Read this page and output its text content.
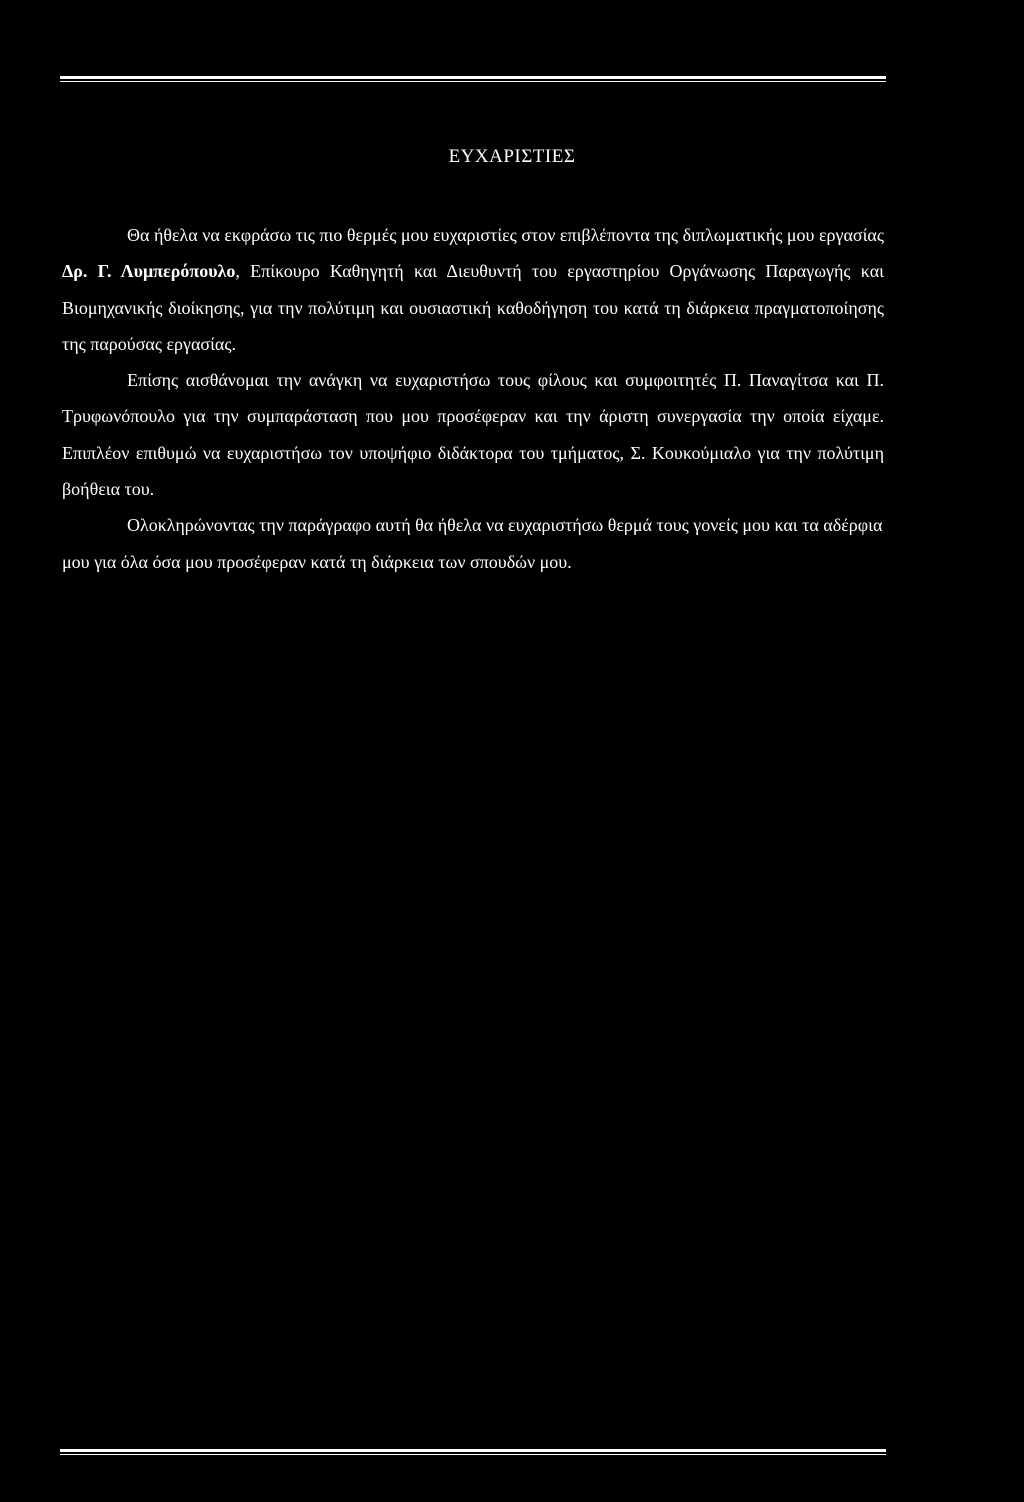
ΕΥΧΑΡΙΣΤΙΕΣ

Θα ήθελα να εκφράσω τις πιο θερμές μου ευχαριστίες στον επιβλέποντα της διπλωματικής μου εργασίας Δρ. Γ. Λυμπερόπουλο, Επίκουρο Καθηγητή και Διευθυντή του εργαστηρίου Οργάνωσης Παραγωγής και Βιομηχανικής διοίκησης, για την πολύτιμη και ουσιαστική καθοδήγηση του κατά τη διάρκεια πραγματοποίησης της παρούσας εργασίας.

Επίσης αισθάνομαι την ανάγκη να ευχαριστήσω τους φίλους και συμφοιτητές Π. Παναγίτσα και Π. Τρυφωνόπουλο για την συμπαράσταση που μου προσέφεραν και την άριστη συνεργασία την οποία είχαμε. Επιπλέον επιθυμώ να ευχαριστήσω τον υποψήφιο διδάκτορα του τμήματος, Σ. Κουκούμιαλο για την πολύτιμη βοήθεια του.

Ολοκληρώνοντας την παράγραφο αυτή θα ήθελα να ευχαριστήσω θερμά τους γονείς μου και τα αδέρφια μου για όλα όσα μου προσέφεραν κατά τη διάρκεια των σπουδών μου.
